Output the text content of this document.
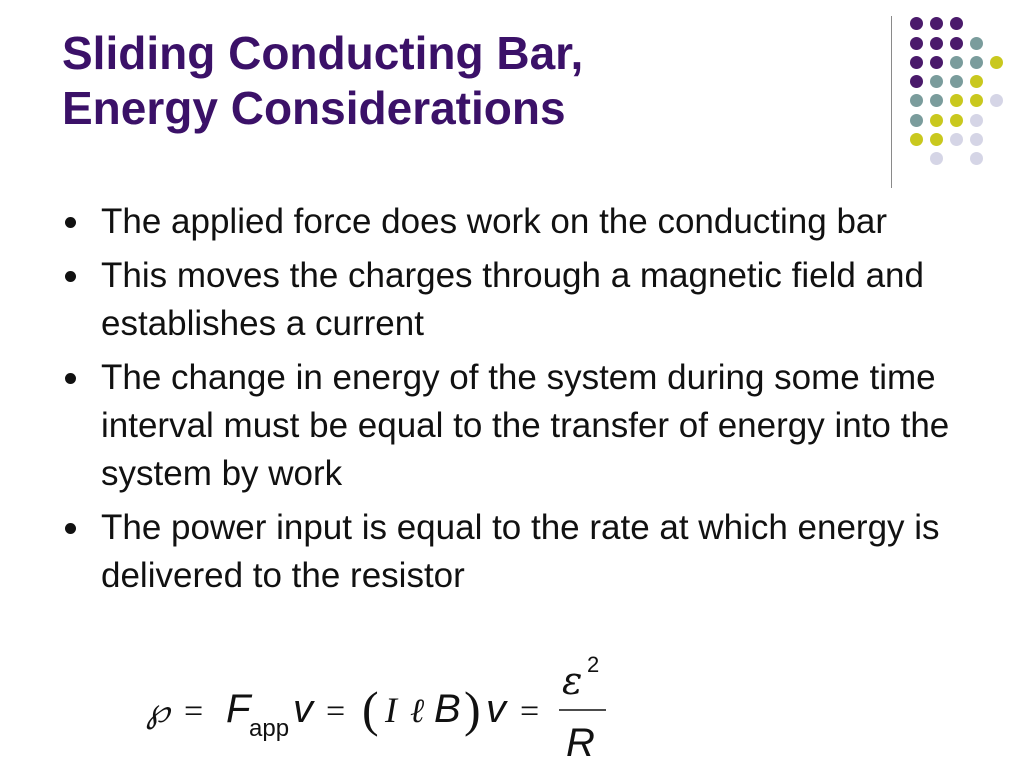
Sliding Conducting Bar,
Energy Considerations
The applied force does work on the conducting bar
This moves the charges through a magnetic field and establishes a current
The change in energy of the system during some time interval must be equal to the transfer of energy into the system by work
The power input is equal to the rate at which energy is delivered to the resistor
℘ = F
app v = ( I ℓ B ) v =
ε 2
R
